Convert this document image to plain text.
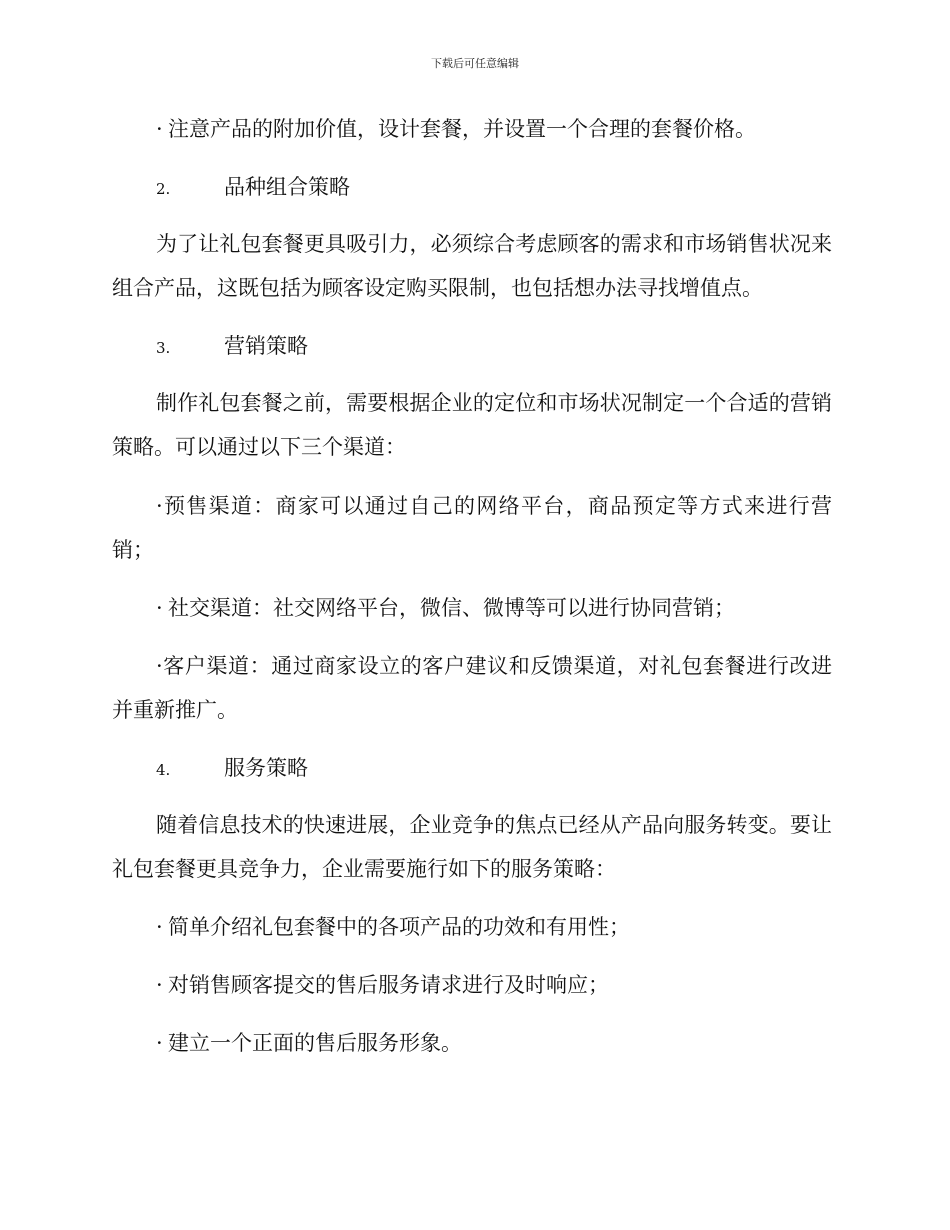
下载后可任意编辑
· 注意产品的附加价值，设计套餐，并设置一个合理的套餐价格。
2.	品种组合策略
为了让礼包套餐更具吸引力，必须综合考虑顾客的需求和市场销售状况来组合产品，这既包括为顾客设定购买限制，也包括想办法寻找增值点。
3.	营销策略
制作礼包套餐之前，需要根据企业的定位和市场状况制定一个合适的营销策略。可以通过以下三个渠道：
·预售渠道：商家可以通过自己的网络平台，商品预定等方式来进行营销；
· 社交渠道：社交网络平台，微信、微博等可以进行协同营销；
·客户渠道：通过商家设立的客户建议和反馈渠道，对礼包套餐进行改进并重新推广。
4.	服务策略
随着信息技术的快速进展，企业竞争的焦点已经从产品向服务转变。要让礼包套餐更具竞争力，企业需要施行如下的服务策略：
· 简单介绍礼包套餐中的各项产品的功效和有用性；
· 对销售顾客提交的售后服务请求进行及时响应；
· 建立一个正面的售后服务形象。
